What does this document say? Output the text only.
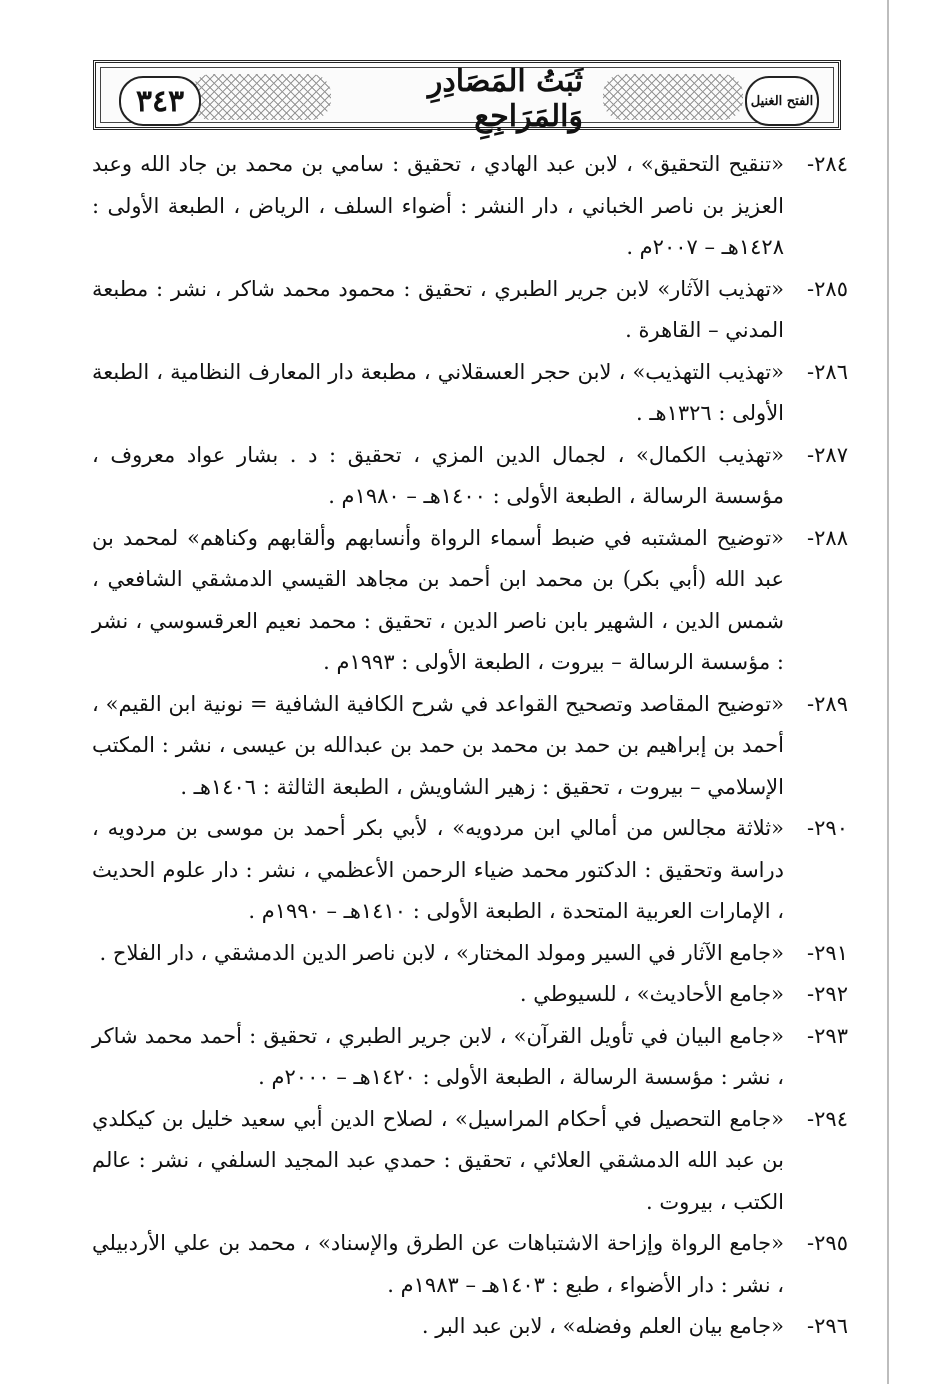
٣٤٣
ثَبَتُ المَصَادِرِ وَالمَرَاجِعِ	الفتح الغنيل
٢٨٤-
«تنقيح التحقيق» ، لابن عبد الهادي ، تحقيق : سامي بن محمد بن جاد الله وعبد العزيز بن ناصر الخباني ، دار النشر : أضواء السلف ، الرياض ، الطبعة الأولى : ١٤٢٨هـ – ٢٠٠٧م .
٢٨٥-
«تهذيب الآثار» لابن جرير الطبري ، تحقيق : محمود محمد شاكر ، نشر : مطبعة المدني – القاهرة .
٢٨٦-
«تهذيب التهذيب» ، لابن حجر العسقلاني ، مطبعة دار المعارف النظامية ، الطبعة الأولى : ١٣٢٦هـ .
٢٨٧-
«تهذيب الكمال» ، لجمال الدين المزي ، تحقيق : د . بشار عواد معروف ، مؤسسة الرسالة ، الطبعة الأولى : ١٤٠٠هـ – ١٩٨٠م .
٢٨٨-
«توضيح المشتبه في ضبط أسماء الرواة وأنسابهم وألقابهم وكناهم» لمحمد بن عبد الله (أبي بكر) بن محمد ابن أحمد بن مجاهد القيسي الدمشقي الشافعي ، شمس الدين ، الشهير بابن ناصر الدين ، تحقيق : محمد نعيم العرقسوسي ، نشر : مؤسسة الرسالة – بيروت ، الطبعة الأولى : ١٩٩٣م .
٢٨٩-
«توضيح المقاصد وتصحيح القواعد في شرح الكافية الشافية = نونية ابن القيم» ، أحمد بن إبراهيم بن حمد بن محمد بن حمد بن عبدالله بن عيسى ، نشر : المكتب الإسلامي – بيروت ، تحقيق : زهير الشاويش ، الطبعة الثالثة : ١٤٠٦هـ .
٢٩٠-
«ثلاثة مجالس من أمالي ابن مردويه» ، لأبي بكر أحمد بن موسى بن مردويه ، دراسة وتحقيق : الدكتور محمد ضياء الرحمن الأعظمي ، نشر : دار علوم الحديث ، الإمارات العربية المتحدة ، الطبعة الأولى : ١٤١٠هـ – ١٩٩٠م .
٢٩١-
«جامع الآثار في السير ومولد المختار» ، لابن ناصر الدين الدمشقي ، دار الفلاح .
٢٩٢-
«جامع الأحاديث» ، للسيوطي .
٢٩٣-
«جامع البيان في تأويل القرآن» ، لابن جرير الطبري ، تحقيق : أحمد محمد شاكر ، نشر : مؤسسة الرسالة ، الطبعة الأولى : ١٤٢٠هـ – ٢٠٠٠م .
٢٩٤-
«جامع التحصيل في أحكام المراسيل» ، لصلاح الدين أبي سعيد خليل بن كيكلدي بن عبد الله الدمشقي العلائي ، تحقيق : حمدي عبد المجيد السلفي ، نشر : عالم الكتب ، بيروت .
٢٩٥-
«جامع الرواة وإزاحة الاشتباهات عن الطرق والإسناد» ، محمد بن علي الأردبيلي ، نشر : دار الأضواء ، طبع : ١٤٠٣هـ – ١٩٨٣م .
٢٩٦-
«جامع بيان العلم وفضله» ، لابن عبد البر .
